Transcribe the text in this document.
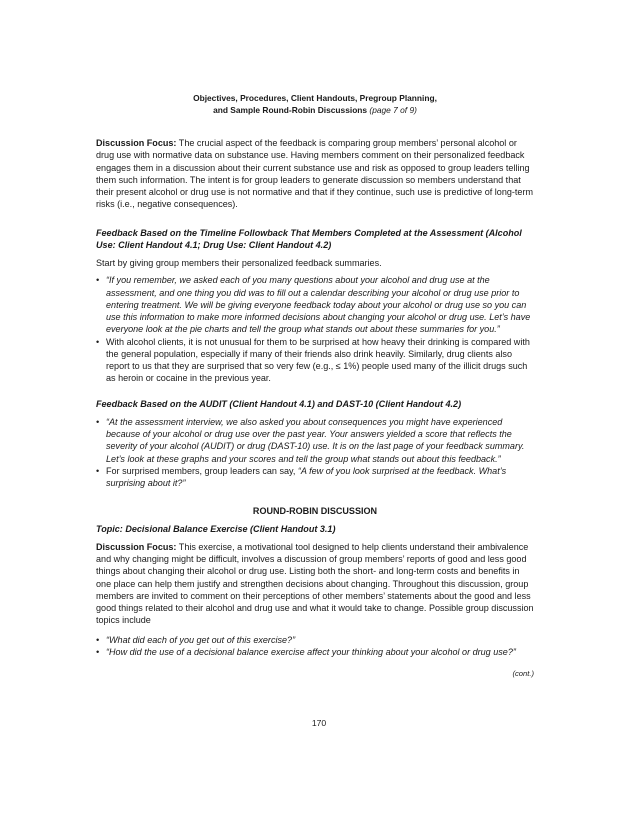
Objectives, Procedures, Client Handouts, Pregroup Planning,
and Sample Round-Robin Discussions (page 7 of 9)

Discussion Focus: The crucial aspect of the feedback is comparing group members’ personal alcohol or drug use with normative data on substance use. Having members comment on their personalized feedback engages them in a discussion about their current substance use and risk as opposed to group leaders telling them such information. The intent is for group leaders to generate discussion so members understand that their present alcohol or drug use is not normative and that if they continue, such use is predictive of long-term risks (i.e., negative consequences).

Feedback Based on the Timeline Followback That Members Completed at the Assessment (Alcohol Use: Client Handout 4.1; Drug Use: Client Handout 4.2)

Start by giving group members their personalized feedback summaries.

• “If you remember, we asked each of you many questions about your alcohol and drug use at the assessment, and one thing you did was to fill out a calendar describing your alcohol or drug use prior to entering treatment. We will be giving everyone feedback today about your alcohol or drug use so you can use this information to make more informed decisions about changing your alcohol or drug use. Let’s have everyone look at the pie charts and tell the group what stands out about these summaries for you.”
• With alcohol clients, it is not unusual for them to be surprised at how heavy their drinking is compared with the general population, especially if many of their friends also drink heavily. Similarly, drug clients also report to us that they are surprised that so very few (e.g., ≤ 1%) people used many of the illicit drugs such as heroin or cocaine in the previous year.

Feedback Based on the AUDIT (Client Handout 4.1) and DAST-10 (Client Handout 4.2)

• “At the assessment interview, we also asked you about consequences you might have experienced because of your alcohol or drug use over the past year. Your answers yielded a score that reflects the severity of your alcohol (AUDIT) or drug (DAST-10) use. It is on the last page of your feedback summary. Let’s look at these graphs and your scores and tell the group what stands out about this feedback.”
• For surprised members, group leaders can say, “A few of you look surprised at the feedback. What’s surprising about it?”

ROUND-ROBIN DISCUSSION

Topic: Decisional Balance Exercise (Client Handout 3.1)

Discussion Focus: This exercise, a motivational tool designed to help clients understand their ambivalence and why changing might be difficult, involves a discussion of group members’ reports of good and less good things about changing their alcohol or drug use. Listing both the short- and long-term costs and benefits in one place can help them justify and strengthen decisions about changing. Throughout this discussion, group members are invited to comment on their perceptions of other members’ statements about the good and less good things related to their alcohol and drug use and what it would take to change. Possible group discussion topics include

• “What did each of you get out of this exercise?”
• “How did the use of a decisional balance exercise affect your thinking about your alcohol or drug use?”

(cont.)

170
